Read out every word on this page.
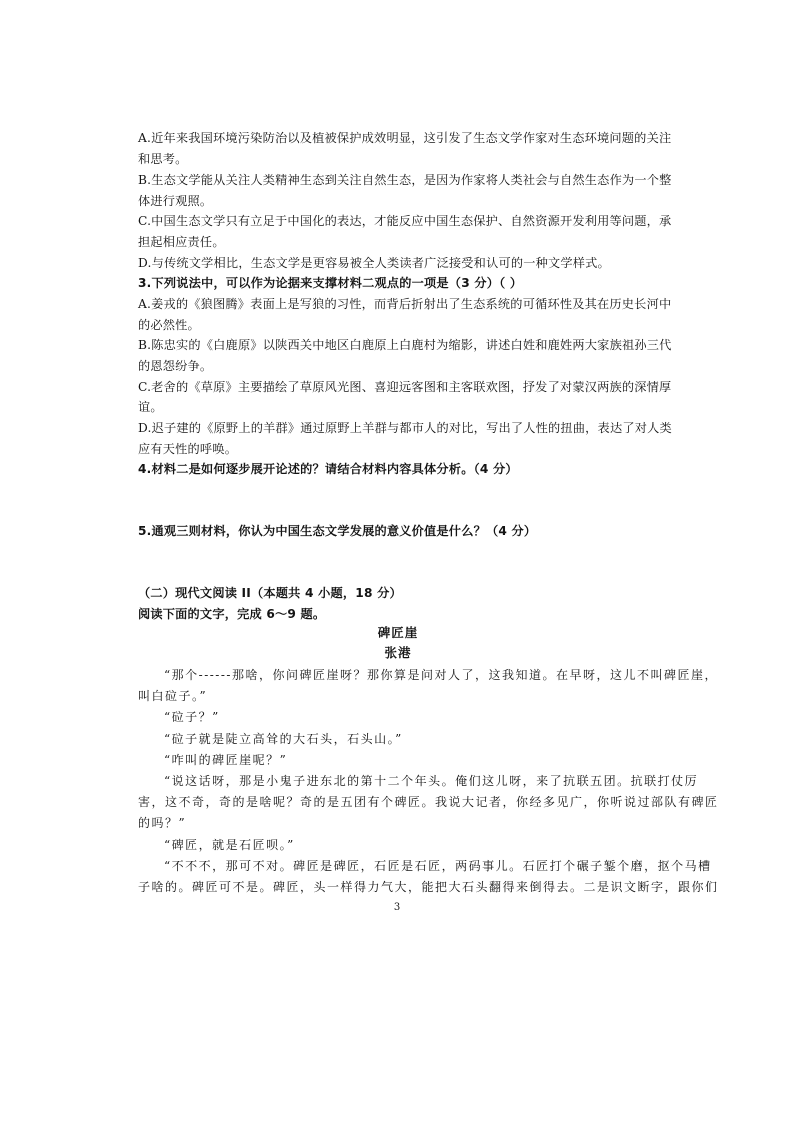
A.近年来我国环境污染防治以及植被保护成效明显，这引发了生态文学作家对生态环境问题的关注

和思考。

B.生态文学能从关注人类精神生态到关注自然生态，是因为作家将人类社会与自然生态作为一个整

体进行观照。

C.中国生态文学只有立足于中国化的表达，才能反应中国生态保护、自然资源开发利用等问题，承

担起相应责任。

D.与传统文学相比，生态文学是更容易被全人类读者广泛接受和认可的一种文学样式。

3.下列说法中，可以作为论据来支撑材料二观点的一项是（3 分）（ ）

A.姜戎的《狼图腾》表面上是写狼的习性，而背后折射出了生态系统的可循环性及其在历史长河中

的必然性。

B.陈忠实的《白鹿原》以陕西关中地区白鹿原上白鹿村为缩影，讲述白姓和鹿姓两大家族祖孙三代

的恩怨纷争。

C.老舍的《草原》主要描绘了草原风光图、喜迎远客图和主客联欢图，抒发了对蒙汉两族的深情厚

谊。

D.迟子建的《原野上的羊群》通过原野上羊群与都市人的对比，写出了人性的扭曲，表达了对人类

应有天性的呼唤。

4.材料二是如何逐步展开论述的？请结合材料内容具体分析。（4 分）

5.通观三则材料，你认为中国生态文学发展的意义价值是什么？（4 分）

（二）现代文阅读 II（本题共 4 小题，18 分）

阅读下面的文字，完成 6～9 题。

碑匠崖

张港

“那个------那啥，你问碑匠崖呀？那你算是问对人了，这我知道。在早呀，这儿不叫碑匠崖，

叫白砬子。”

“砬子？”

“砬子就是陡立高耸的大石头，石头山。”

“咋叫的碑匠崖呢？”

“说这话呀，那是小鬼子进东北的第十二个年头。俺们这儿呀，来了抗联五团。抗联打仗厉

害，这不奇，奇的是啥呢？奇的是五团有个碑匠。我说大记者，你经多见广，你听说过部队有碑匠

的吗？”

“碑匠，就是石匠呗。”

“不不不，那可不对。碑匠是碑匠，石匠是石匠，两码事儿。石匠打个碾子錾个磨，抠个马槽

子啥的。碑匠可不是。碑匠，头一样得力气大，能把大石头翻得来倒得去。二是识文断字，跟你们

3
